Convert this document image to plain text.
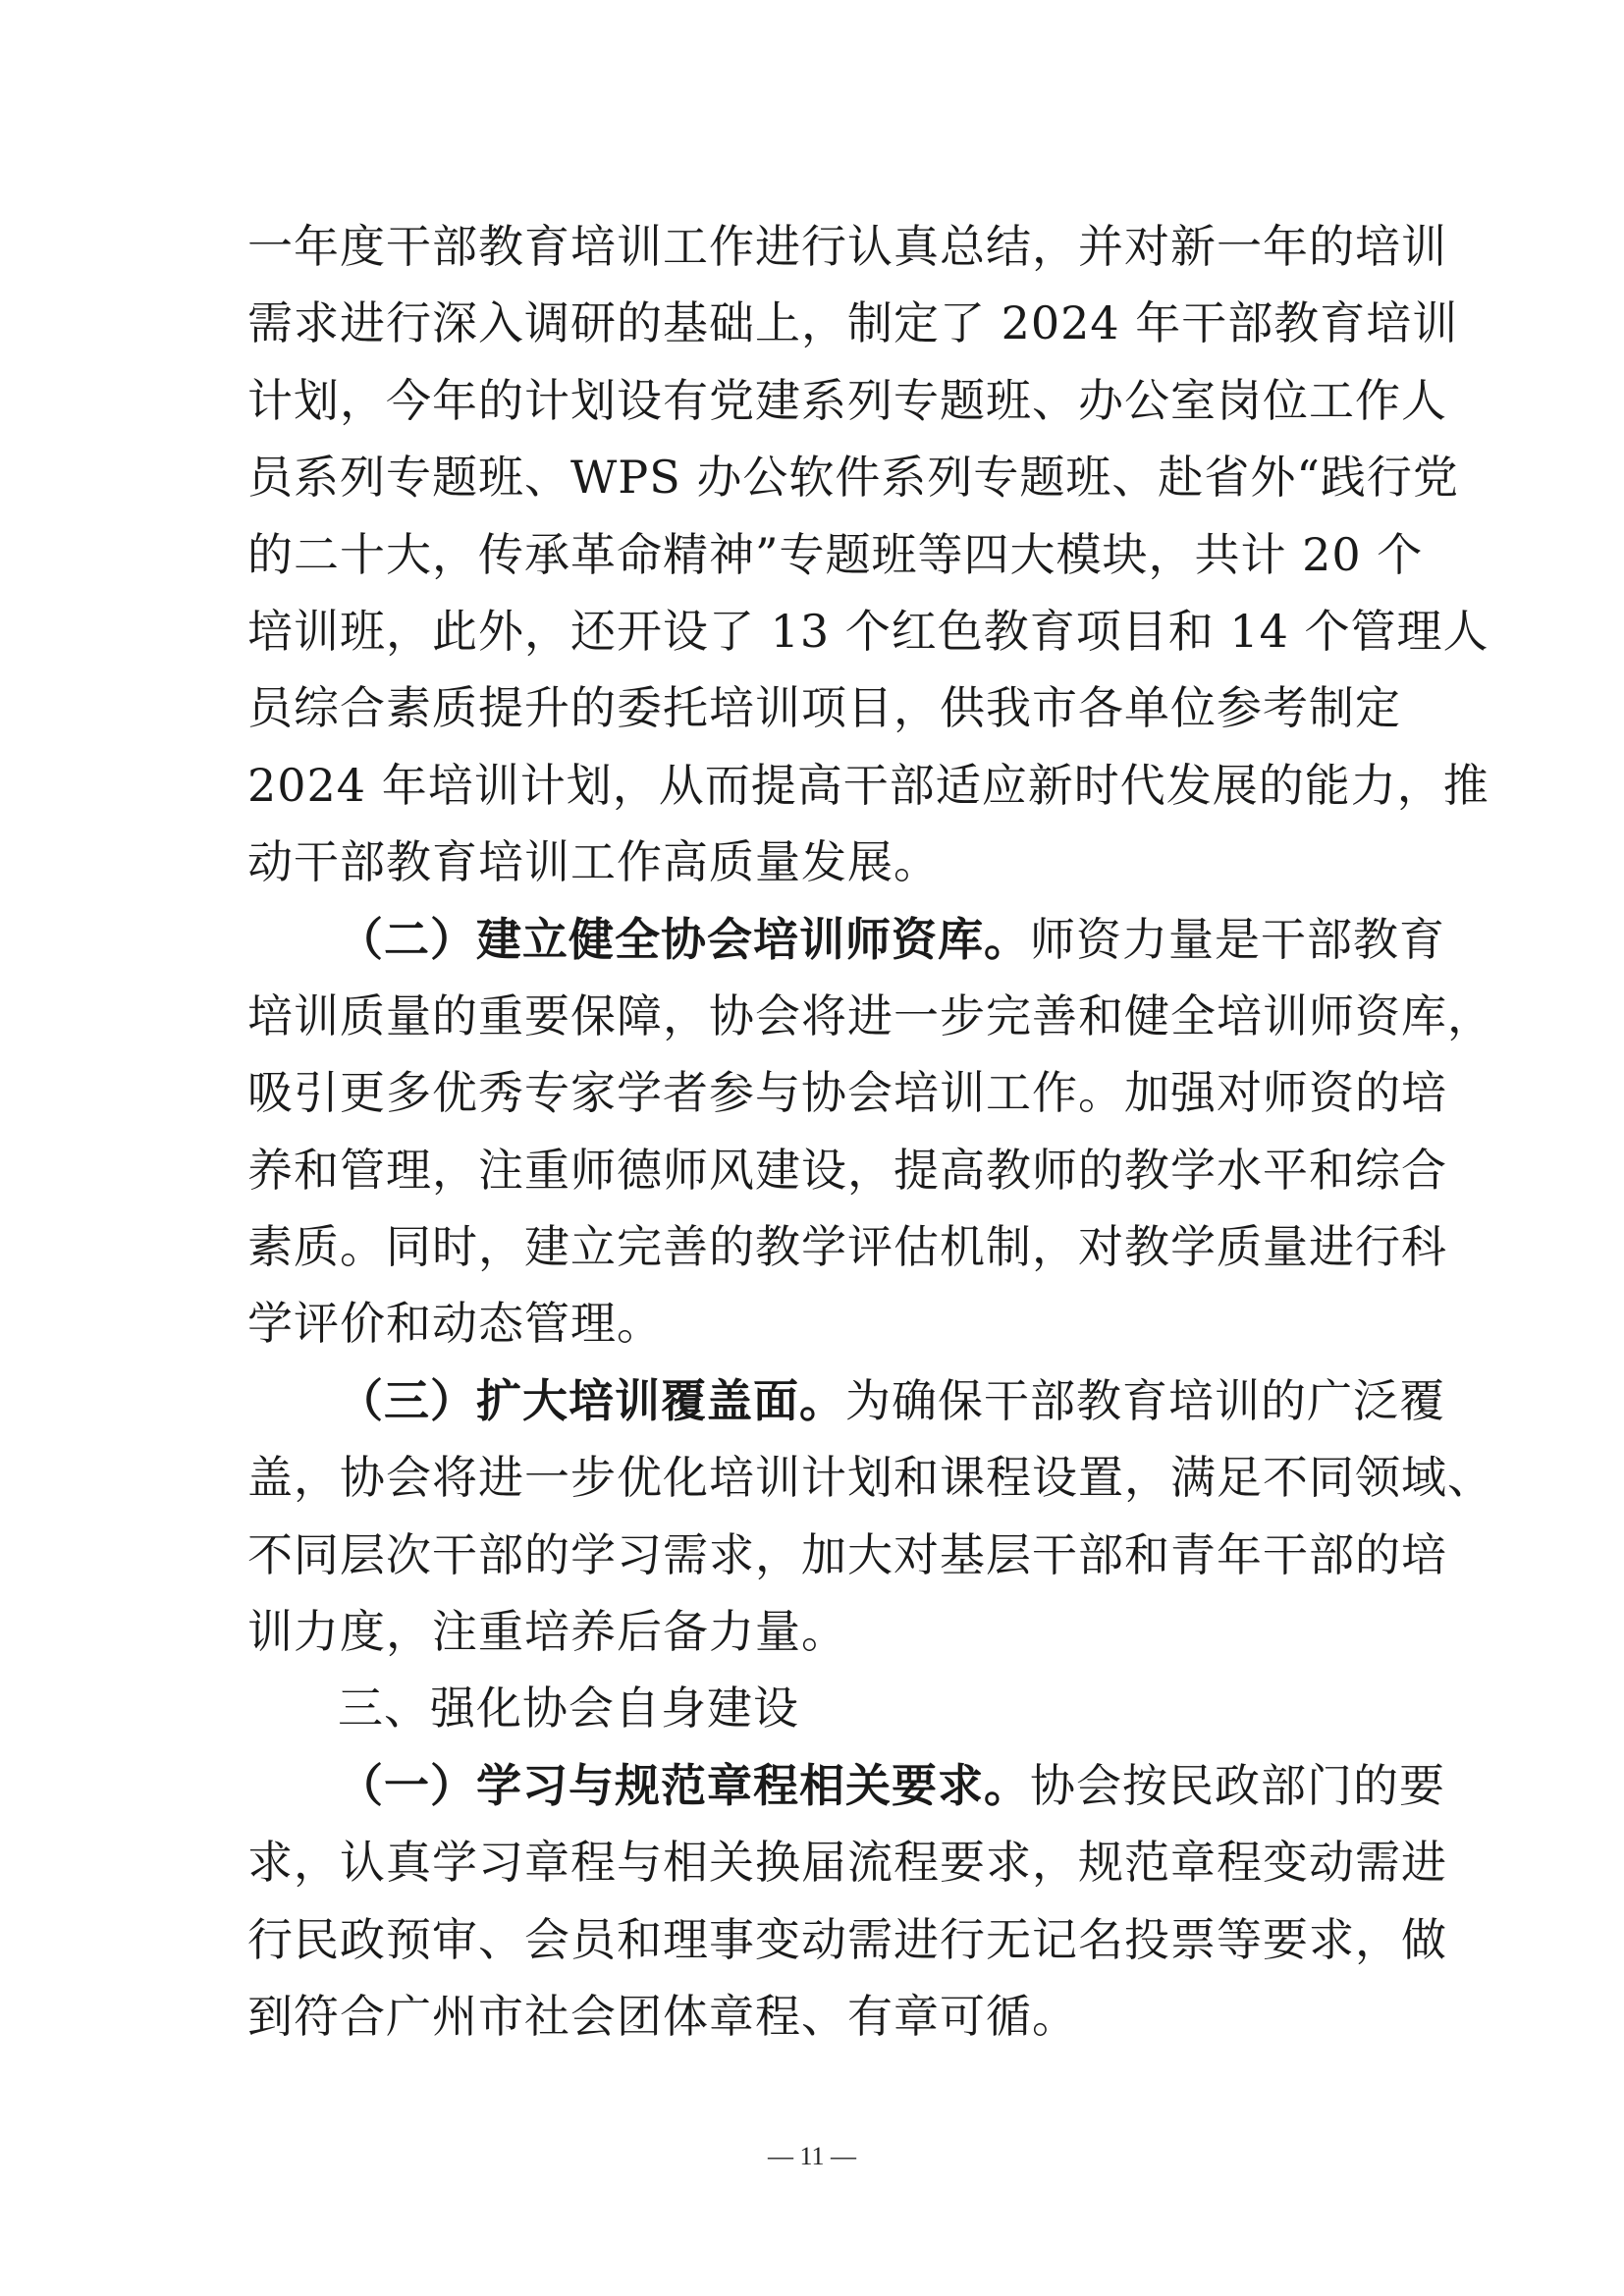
一年度干部教育培训工作进行认真总结，并对新一年的培训
需求进行深入调研的基础上，制定了 2024 年干部教育培训
计划，今年的计划设有党建系列专题班、办公室岗位工作人
员系列专题班、WPS 办公软件系列专题班、赴省外“践行党
的二十大，传承革命精神”专题班等四大模块，共计 20 个
培训班，此外，还开设了 13 个红色教育项目和 14 个管理人
员综合素质提升的委托培训项目，供我市各单位参考制定
2024 年培训计划，从而提高干部适应新时代发展的能力，推
动干部教育培训工作高质量发展。
（二）建立健全协会培训师资库。师资力量是干部教育
培训质量的重要保障，协会将进一步完善和健全培训师资库，
吸引更多优秀专家学者参与协会培训工作。加强对师资的培
养和管理，注重师德师风建设，提高教师的教学水平和综合
素质。同时，建立完善的教学评估机制，对教学质量进行科
学评价和动态管理。
（三）扩大培训覆盖面。为确保干部教育培训的广泛覆
盖，协会将进一步优化培训计划和课程设置，满足不同领域、
不同层次干部的学习需求，加大对基层干部和青年干部的培
训力度，注重培养后备力量。
三、强化协会自身建设
（一）学习与规范章程相关要求。协会按民政部门的要
求，认真学习章程与相关换届流程要求，规范章程变动需进
行民政预审、会员和理事变动需进行无记名投票等要求，做
到符合广州市社会团体章程、有章可循。
— 11 —
